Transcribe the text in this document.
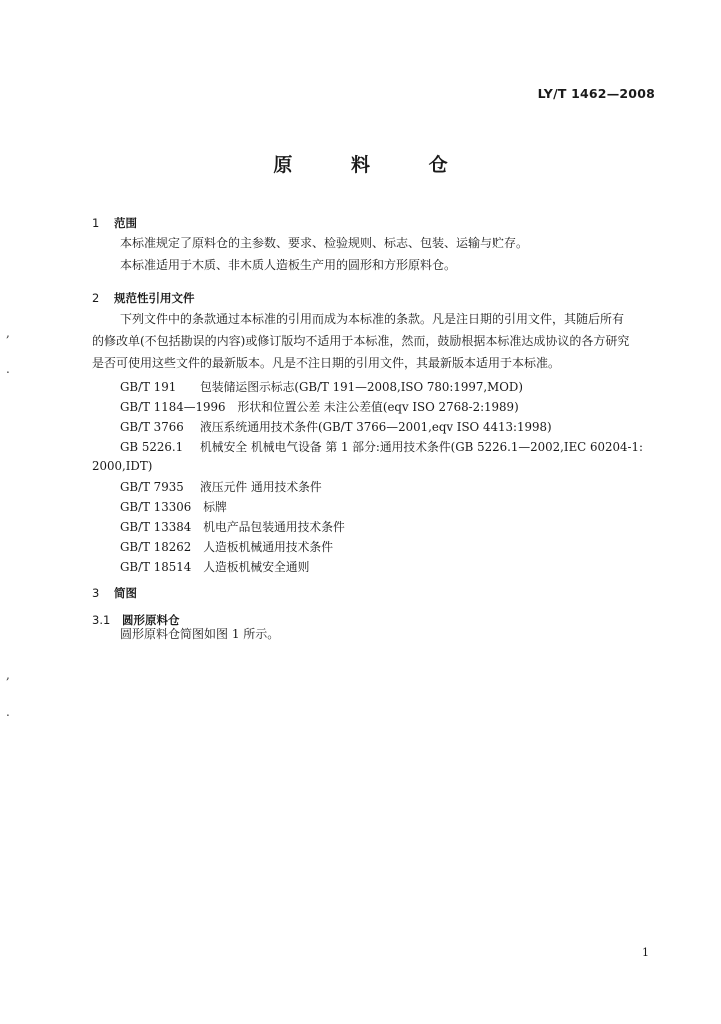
LY/T 1462—2008
原 料 仓
1 范围
本标准规定了原料仓的主参数、要求、检验规则、标志、包装、运输与贮存。
本标准适用于木质、非木质人造板生产用的圆形和方形原料仓。
2 规范性引用文件
下列文件中的条款通过本标准的引用而成为本标准的条款。凡是注日期的引用文件，其随后所有
的修改单(不包括勘误的内容)或修订版均不适用于本标准，然而，鼓励根据本标准达成协议的各方研究
是否可使用这些文件的最新版本。凡是不注日期的引用文件，其最新版本适用于本标准。
GB/T 191 包装储运图示标志(GB/T 191—2008,ISO 780:1997,MOD)
GB/T 1184—1996 形状和位置公差 未注公差值(eqv ISO 2768-2:1989)
GB/T 3766 液压系统通用技术条件(GB/T 3766—2001,eqv ISO 4413:1998)
GB 5226.1 机械安全 机械电气设备 第 1 部分:通用技术条件(GB 5226.1—2002,IEC 60204-1:
2000,IDT)
GB/T 7935 液压元件 通用技术条件
GB/T 13306 标牌
GB/T 13384 机电产品包装通用技术条件
GB/T 18262 人造板机械通用技术条件
GB/T 18514 人造板机械安全通则
3 简图
3.1 圆形原料仓
圆形原料仓简图如图 1 所示。
,
.
,
.
1
